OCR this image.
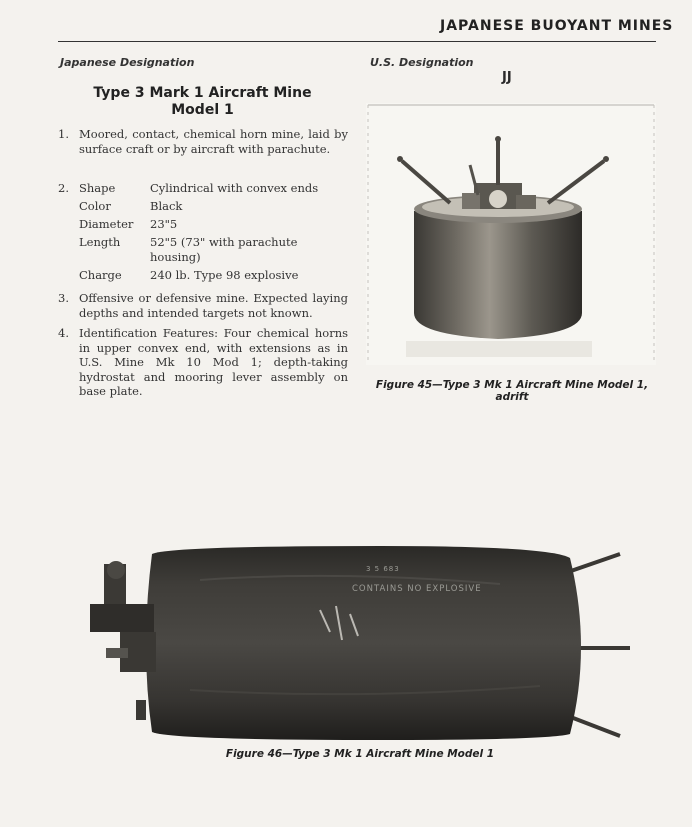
JAPANESE BUOYANT MINES
Japanese Designation	U.S. Designation
JJ
Type 3 Mark 1 Aircraft Mine
Model 1
1. Moored, contact, chemical horn mine, laid by surface craft or by aircraft with parachute.
2. Shape	Cylindrical with convex ends
Color	Black
Diameter	23"5
Length	52"5 (73" with parachute housing)
Charge	240 lb. Type 98 explosive
3. Offensive or defensive mine. Expected laying depths and intended targets not known.
4. Identification Features: Four chemical horns in upper convex end, with extensions as in U.S. Mine Mk 10 Mod 1; depth-taking hydrostat and mooring lever assembly on base plate.	Figure 45—Type 3 Mk 1 Aircraft Mine Model 1, adrift
3 5 683
CONTAINS NO EXPLOSIVE
Figure 46—Type 3 Mk 1 Aircraft Mine Model 1
